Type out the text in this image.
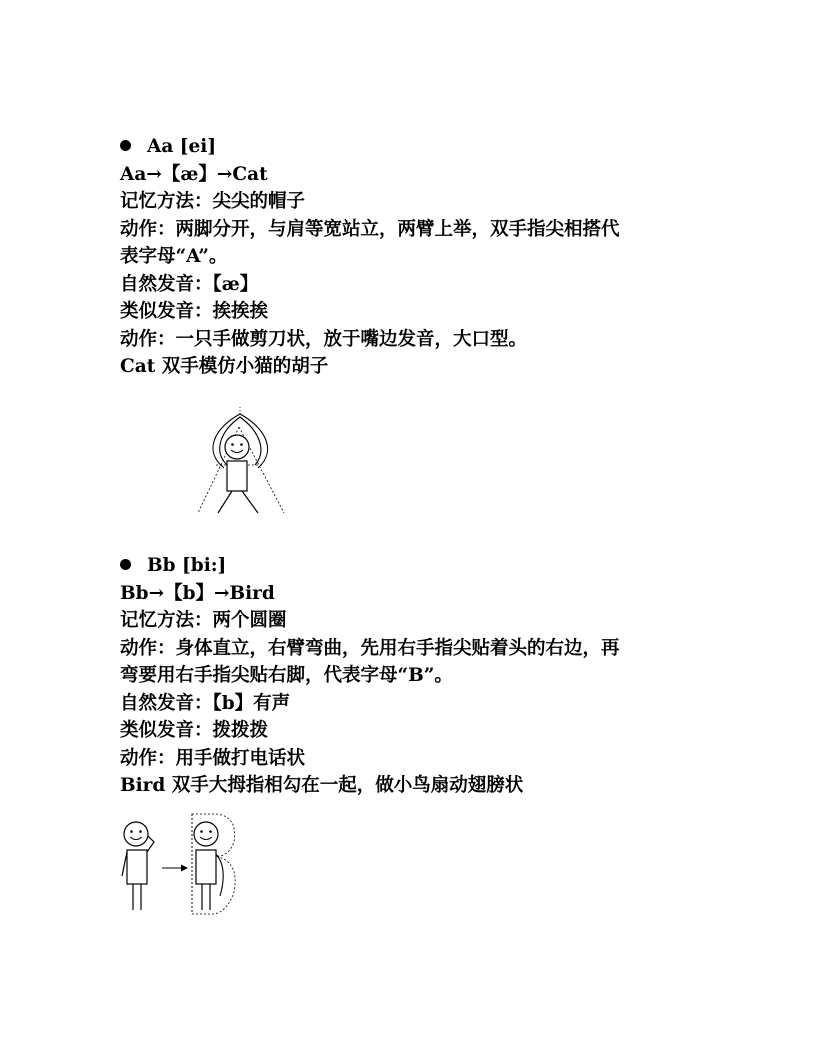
Aa [ei]
Aa→【æ】→Cat
记忆方法：尖尖的帽子
动作：两脚分开，与肩等宽站立，两臂上举，双手指尖相搭代
表字母“A”。
自然发音：【æ】
类似发音：挨挨挨
动作：一只手做剪刀状，放于嘴边发音，大口型。
Cat 双手模仿小猫的胡子
Bb [bi:]
Bb→【b】→Bird
记忆方法：两个圆圈
动作：身体直立，右臂弯曲，先用右手指尖贴着头的右边，再
弯要用右手指尖贴右脚，代表字母“B”。
自然发音：【b】有声
类似发音：拨拨拨
动作：用手做打电话状
Bird 双手大拇指相勾在一起，做小鸟扇动翅膀状
